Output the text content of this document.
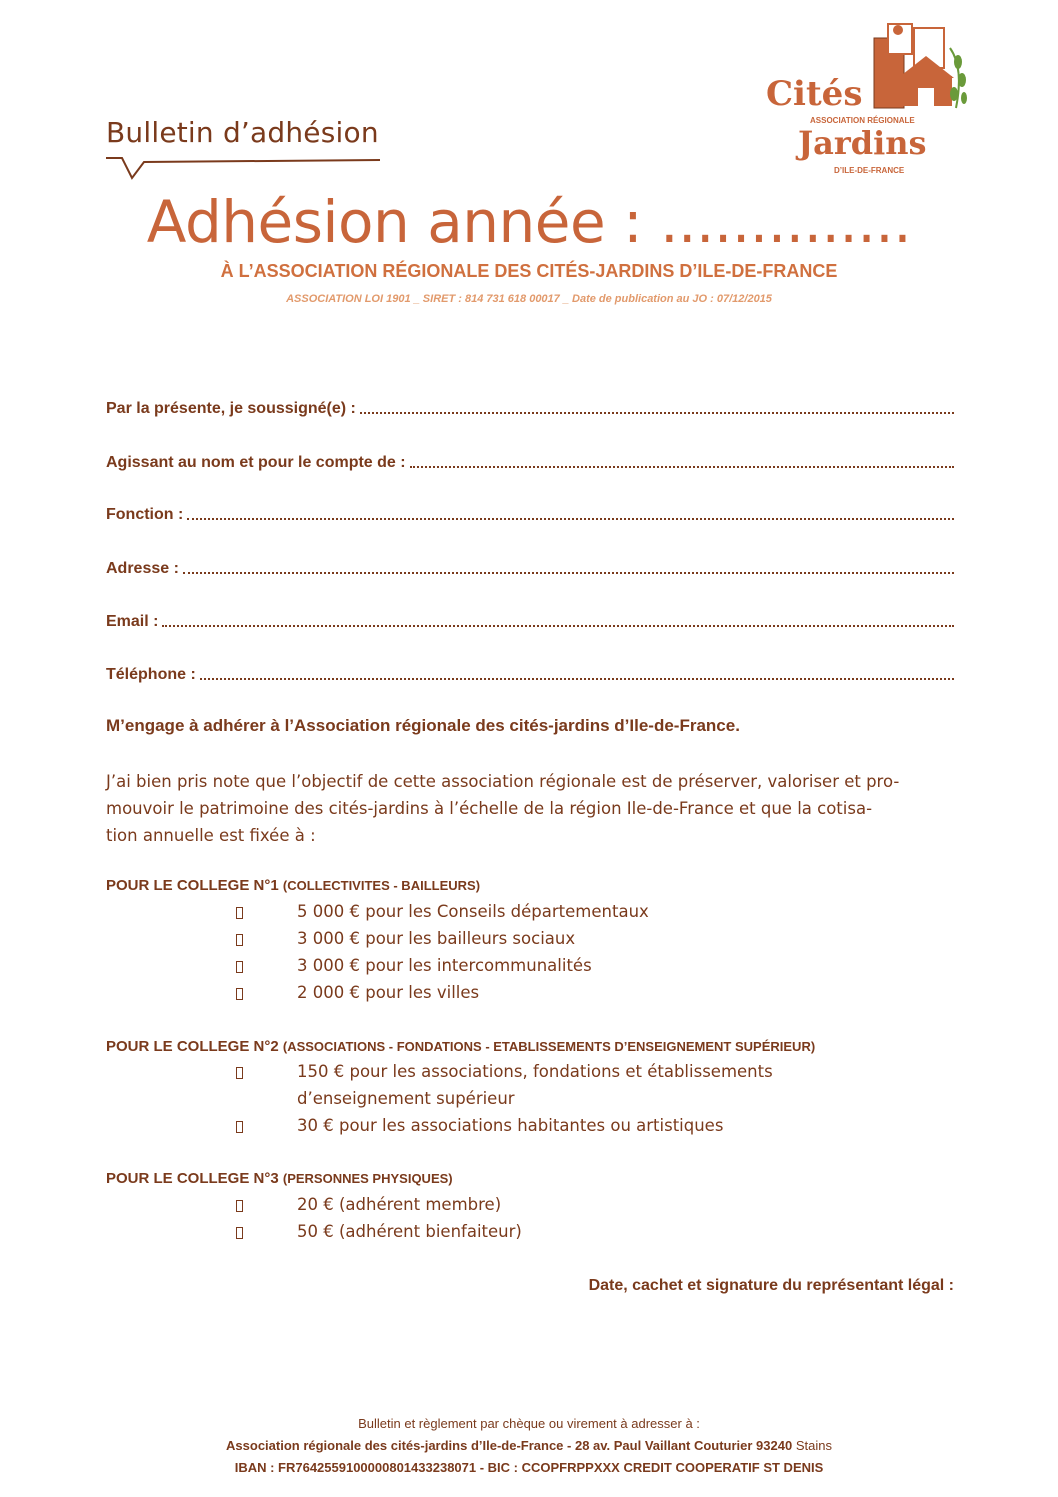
Cités
ASSOCIATION RÉGIONALE
Jardins
D’ILE-DE-FRANCE
Bulletin d’adhésion
Adhésion année : ..............
À L’ASSOCIATION RÉGIONALE DES CITÉS-JARDINS D’ILE-DE-FRANCE
ASSOCIATION LOI 1901 _ SIRET : 814 731 618 00017 _ Date de publication au JO : 07/12/2015
Par la présente, je soussigné(e) :
Agissant au nom et pour le compte de :
Fonction :
Adresse :
Email :
Téléphone :
M’engage à adhérer à l’Association régionale des cités-jardins d’Ile-de-France.
J’ai bien pris note que l’objectif de cette association régionale est de préserver, valoriser et pro-
mouvoir le patrimoine des cités-jardins à l’échelle de la région Ile-de-France et que la cotisa-
tion annuelle est fixée à :
POUR LE COLLEGE N°1 (COLLECTIVITES - BAILLEURS)
5 000 € pour les Conseils départementaux
3 000 € pour les bailleurs sociaux
3 000 € pour les intercommunalités
2 000 € pour les villes
POUR LE COLLEGE N°2 (ASSOCIATIONS - FONDATIONS - ETABLISSEMENTS D’ENSEIGNEMENT SUPÉRIEUR)
150 € pour les associations, fondations et établissements
d’enseignement supérieur
30 € pour les associations habitantes ou artistiques
POUR LE COLLEGE N°3 (PERSONNES PHYSIQUES)
20 € (adhérent membre)
50 € (adhérent bienfaiteur)
Date, cachet et signature du représentant légal :
Bulletin et règlement par chèque ou virement à adresser à :
Association régionale des cités-jardins d’Ile-de-France - 28 av. Paul Vaillant Couturier 93240 Stains
IBAN : FR7642559100000801433238071 - BIC : CCOPFRPPXXX CREDIT COOPERATIF ST DENIS
